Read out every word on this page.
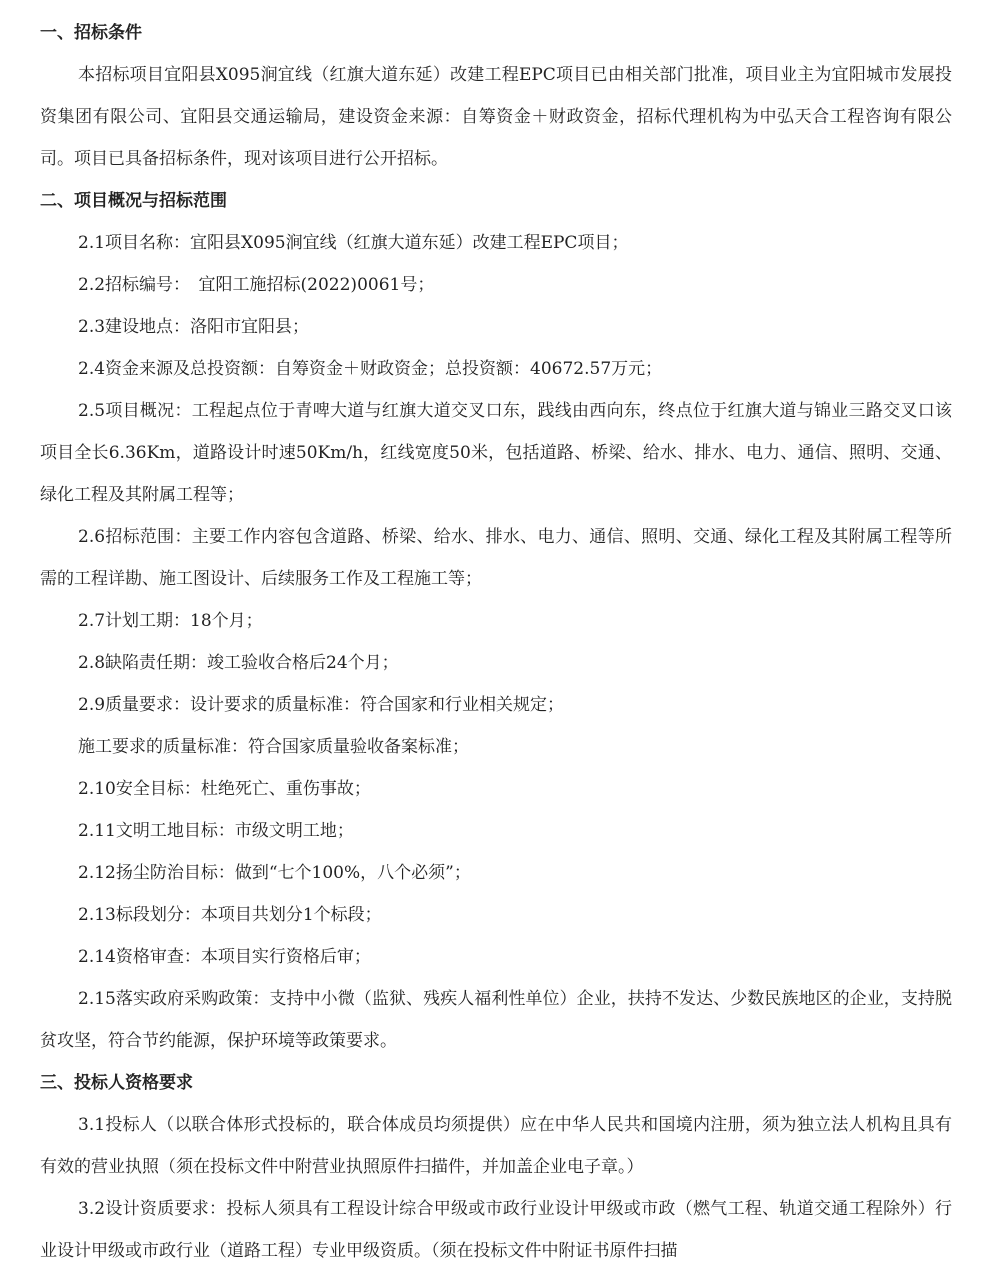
一、招标条件
本招标项目宜阳县X095涧宜线（红旗大道东延）改建工程EPC项目已由相关部门批准，项目业主为宜阳城市发展投资集团有限公司、宜阳县交通运输局，建设资金来源：自筹资金＋财政资金，招标代理机构为中弘天合工程咨询有限公司。项目已具备招标条件，现对该项目进行公开招标。
二、项目概况与招标范围
2.1项目名称：宜阳县X095涧宜线（红旗大道东延）改建工程EPC项目；
2.2招标编号：　宜阳工施招标(2022)0061号；
2.3建设地点：洛阳市宜阳县；
2.4资金来源及总投资额：自筹资金＋财政资金；总投资额：40672.57万元；
2.5项目概况：工程起点位于青啤大道与红旗大道交叉口东，践线由西向东，终点位于红旗大道与锦业三路交叉口该项目全长6.36Km，道路设计时速50Km/h，红线宽度50米，包括道路、桥梁、给水、排水、电力、通信、照明、交通、绿化工程及其附属工程等；
2.6招标范围：主要工作内容包含道路、桥梁、给水、排水、电力、通信、照明、交通、绿化工程及其附属工程等所需的工程详勘、施工图设计、后续服务工作及工程施工等；
2.7计划工期：18个月；
2.8缺陷责任期：竣工验收合格后24个月；
2.9质量要求：设计要求的质量标准：符合国家和行业相关规定；
施工要求的质量标准：符合国家质量验收备案标准；
2.10安全目标：杜绝死亡、重伤事故；
2.11文明工地目标：市级文明工地；
2.12扬尘防治目标：做到“七个100%，八个必须”；
2.13标段划分：本项目共划分1个标段；
2.14资格审查：本项目实行资格后审；
2.15落实政府采购政策：支持中小微（监狱、残疾人福利性单位）企业，扶持不发达、少数民族地区的企业，支持脱贫攻坚，符合节约能源，保护环境等政策要求。
三、投标人资格要求
3.1投标人（以联合体形式投标的，联合体成员均须提供）应在中华人民共和国境内注册，须为独立法人机构且具有有效的营业执照（须在投标文件中附营业执照原件扫描件，并加盖企业电子章。）
3.2设计资质要求：投标人须具有工程设计综合甲级或市政行业设计甲级或市政（燃气工程、轨道交通工程除外）行业设计甲级或市政行业（道路工程）专业甲级资质。（须在投标文件中附证书原件扫描
